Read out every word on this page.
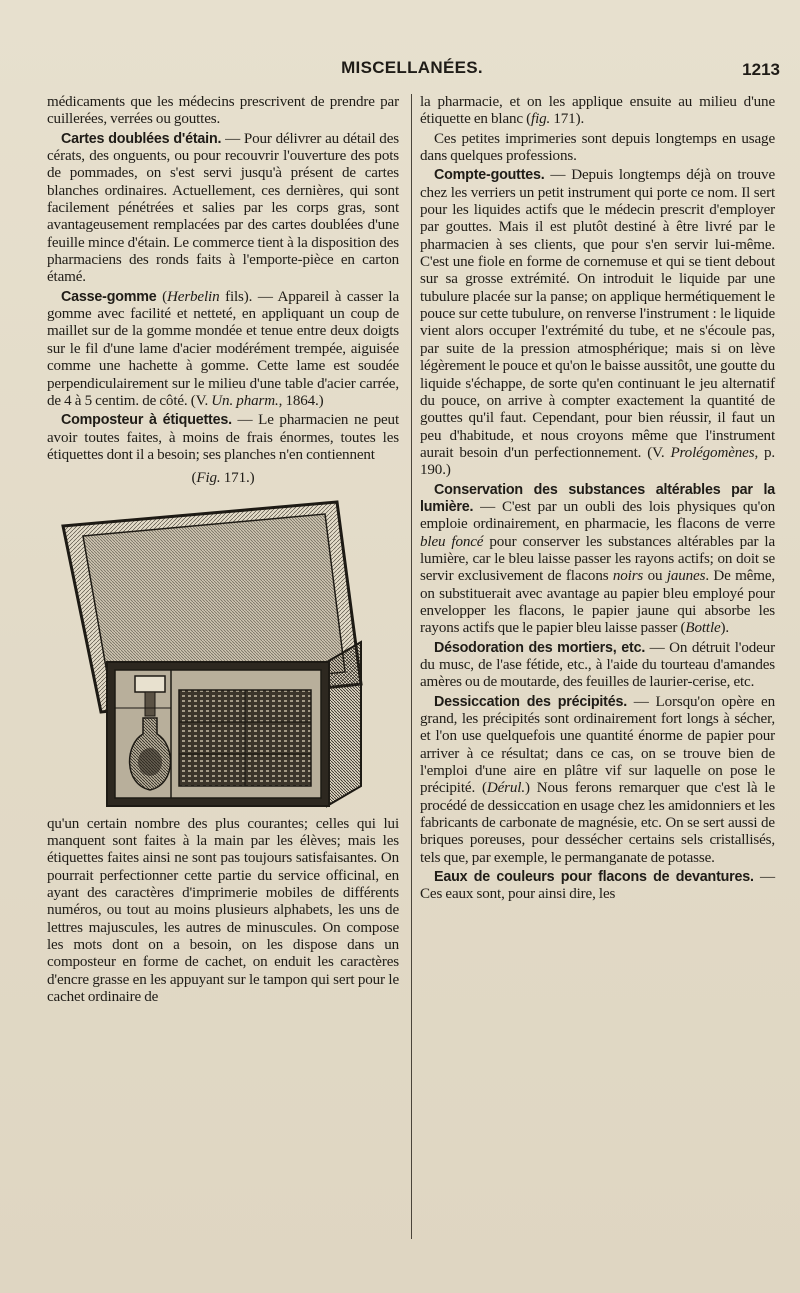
MISCELLANÉES.	1213

médicaments que les médecins prescrivent de prendre par cuillerées, verrées ou gouttes.

Cartes doublées d'étain. — Pour délivrer au détail des cérats, des onguents, ou pour recouvrir l'ouverture des pots de pommades, on s'est servi jusqu'à présent de cartes blanches ordinaires. Actuellement, ces dernières, qui sont facilement pénétrées et salies par les corps gras, sont avantageusement remplacées par des cartes doublées d'une feuille mince d'étain. Le commerce tient à la disposition des pharmaciens des ronds faits à l'emporte-pièce en carton étamé.

Casse-gomme (Herbelin fils). — Appareil à casser la gomme avec facilité et netteté, en appliquant un coup de maillet sur de la gomme mondée et tenue entre deux doigts sur le fil d'une lame d'acier modérément trempée, aiguisée comme une hachette à gomme. Cette lame est soudée perpendiculairement sur le milieu d'une table d'acier carrée, de 4 à 5 centim. de côté. (V. Un. pharm., 1864.)

Composteur à étiquettes. — Le pharmacien ne peut avoir toutes faites, à moins de frais énormes, toutes les étiquettes dont il a besoin; ses planches n'en contiennent

(Fig. 171.)

qu'un certain nombre des plus courantes; celles qui lui manquent sont faites à la main par les élèves; mais les étiquettes faites ainsi ne sont pas toujours satisfaisantes. On pourrait perfectionner cette partie du service officinal, en ayant des caractères d'imprimerie mobiles de différents numéros, ou tout au moins plusieurs alphabets, les uns de lettres majuscules, les autres de minuscules. On compose les mots dont on a besoin, on les dispose dans un composteur en forme de cachet, on enduit les caractères d'encre grasse en les appuyant sur le tampon qui sert pour le cachet ordinaire de

la pharmacie, et on les applique ensuite au milieu d'une étiquette en blanc (fig. 171).

Ces petites imprimeries sont depuis longtemps en usage dans quelques professions.

Compte-gouttes. — Depuis longtemps déjà on trouve chez les verriers un petit instrument qui porte ce nom. Il sert pour les liquides actifs que le médecin prescrit d'employer par gouttes. Mais il est plutôt destiné à être livré par le pharmacien à ses clients, que pour s'en servir lui-même. C'est une fiole en forme de cornemuse et qui se tient debout sur sa grosse extrémité. On introduit le liquide par une tubulure placée sur la panse; on applique hermétiquement le pouce sur cette tubulure, on renverse l'instrument : le liquide vient alors occuper l'extrémité du tube, et ne s'écoule pas, par suite de la pression atmosphérique; mais si on lève légèrement le pouce et qu'on le baisse aussitôt, une goutte du liquide s'échappe, de sorte qu'en continuant le jeu alternatif du pouce, on arrive à compter exactement la quantité de gouttes qu'il faut. Cependant, pour bien réussir, il faut un peu d'habitude, et nous croyons même que l'instrument aurait besoin d'un perfectionnement. (V. Prolégomènes, p. 190.)

Conservation des substances altérables par la lumière. — C'est par un oubli des lois physiques qu'on emploie ordinairement, en pharmacie, les flacons de verre bleu foncé pour conserver les substances altérables par la lumière, car le bleu laisse passer les rayons actifs; on doit se servir exclusivement de flacons noirs ou jaunes. De même, on substituerait avec avantage au papier bleu employé pour envelopper les flacons, le papier jaune qui absorbe les rayons actifs que le papier bleu laisse passer (Bottle).

Désodoration des mortiers, etc. — On détruit l'odeur du musc, de l'ase fétide, etc., à l'aide du tourteau d'amandes amères ou de moutarde, des feuilles de laurier-cerise, etc.

Dessiccation des précipités. — Lorsqu'on opère en grand, les précipités sont ordinairement fort longs à sécher, et l'on use quelquefois une quantité énorme de papier pour arriver à ce résultat; dans ce cas, on se trouve bien de l'emploi d'une aire en plâtre vif sur laquelle on pose le précipité. (Dérul.) Nous ferons remarquer que c'est là le procédé de dessiccation en usage chez les amidonniers et les fabricants de carbonate de magnésie, etc. On se sert aussi de briques poreuses, pour dessécher certains sels cristallisés, tels que, par exemple, le permanganate de potasse.

Eaux de couleurs pour flacons de devantures. — Ces eaux sont, pour ainsi dire, les
